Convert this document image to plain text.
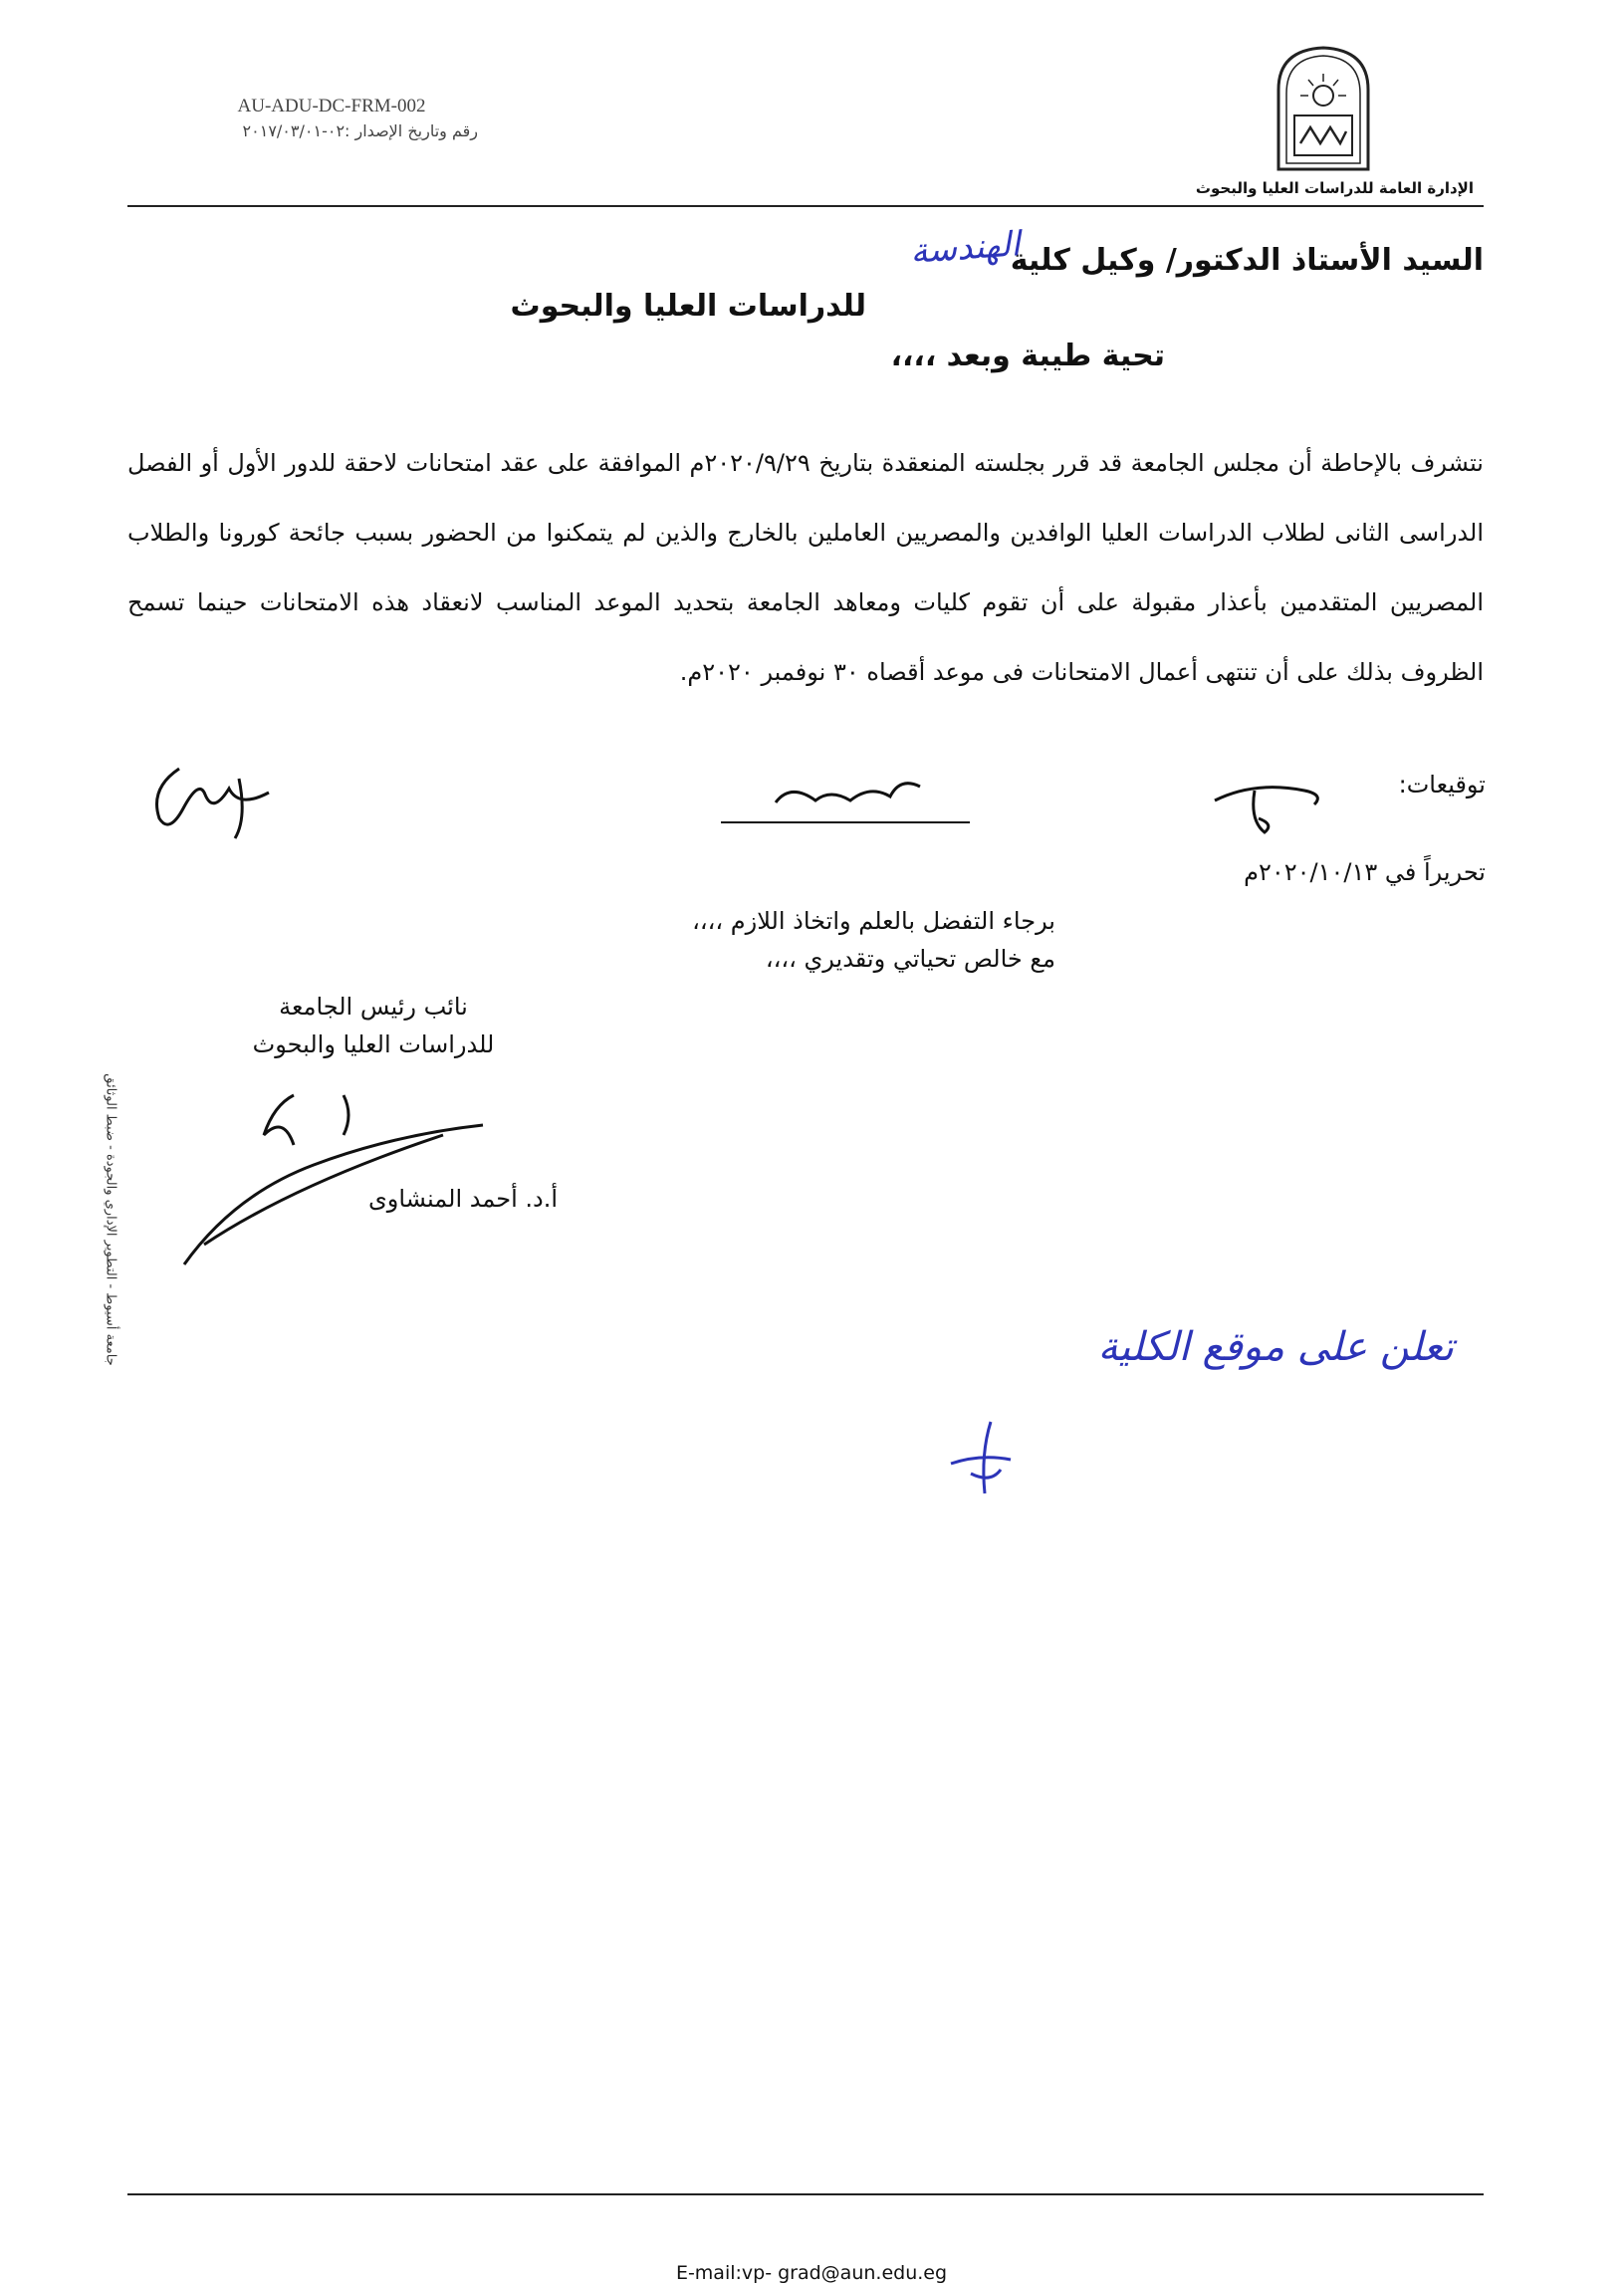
الإدارة العامة للدراسات العليا والبحوث
AU-ADU-DC-FRM-002
رقم وتاريخ الإصدار :٠٢-٢٠١٧/٠٣/٠١
السيد الأستاذ الدكتور/ وكيل كلية
الهندسة
للدراسات العليا والبحوث
تحية طيبة وبعد ،،،،

نتشرف بالإحاطة أن مجلس الجامعة قد قرر بجلسته المنعقدة بتاريخ ٢٠٢٠/٩/٢٩م الموافقة على عقد امتحانات لاحقة للدور الأول أو الفصل الدراسى الثانى لطلاب الدراسات العليا الوافدين والمصريين العاملين بالخارج والذين لم يتمكنوا من الحضور بسبب جائحة كورونا والطلاب المصريين المتقدمين بأعذار مقبولة على أن تقوم كليات ومعاهد الجامعة بتحديد الموعد المناسب لانعقاد هذه الامتحانات حينما تسمح الظروف بذلك على أن تنتهى أعمال الامتحانات فى موعد أقصاه ٣٠ نوفمبر ٢٠٢٠م.

توقيعات:
تحريراً في ٢٠٢٠/١٠/١٣م
برجاء التفضل بالعلم واتخاذ اللازم ،،،،
مع خالص تحياتي وتقديري ،،،،
نائب رئيس الجامعة
للدراسات العليا والبحوث
أ.د. أحمد المنشاوى
جامعة أسيوط - التطوير الإداري والجودة - ضبط الوثائق	تعلن على موقع الكلية
E-mail:vp- grad@aun.edu.eg
